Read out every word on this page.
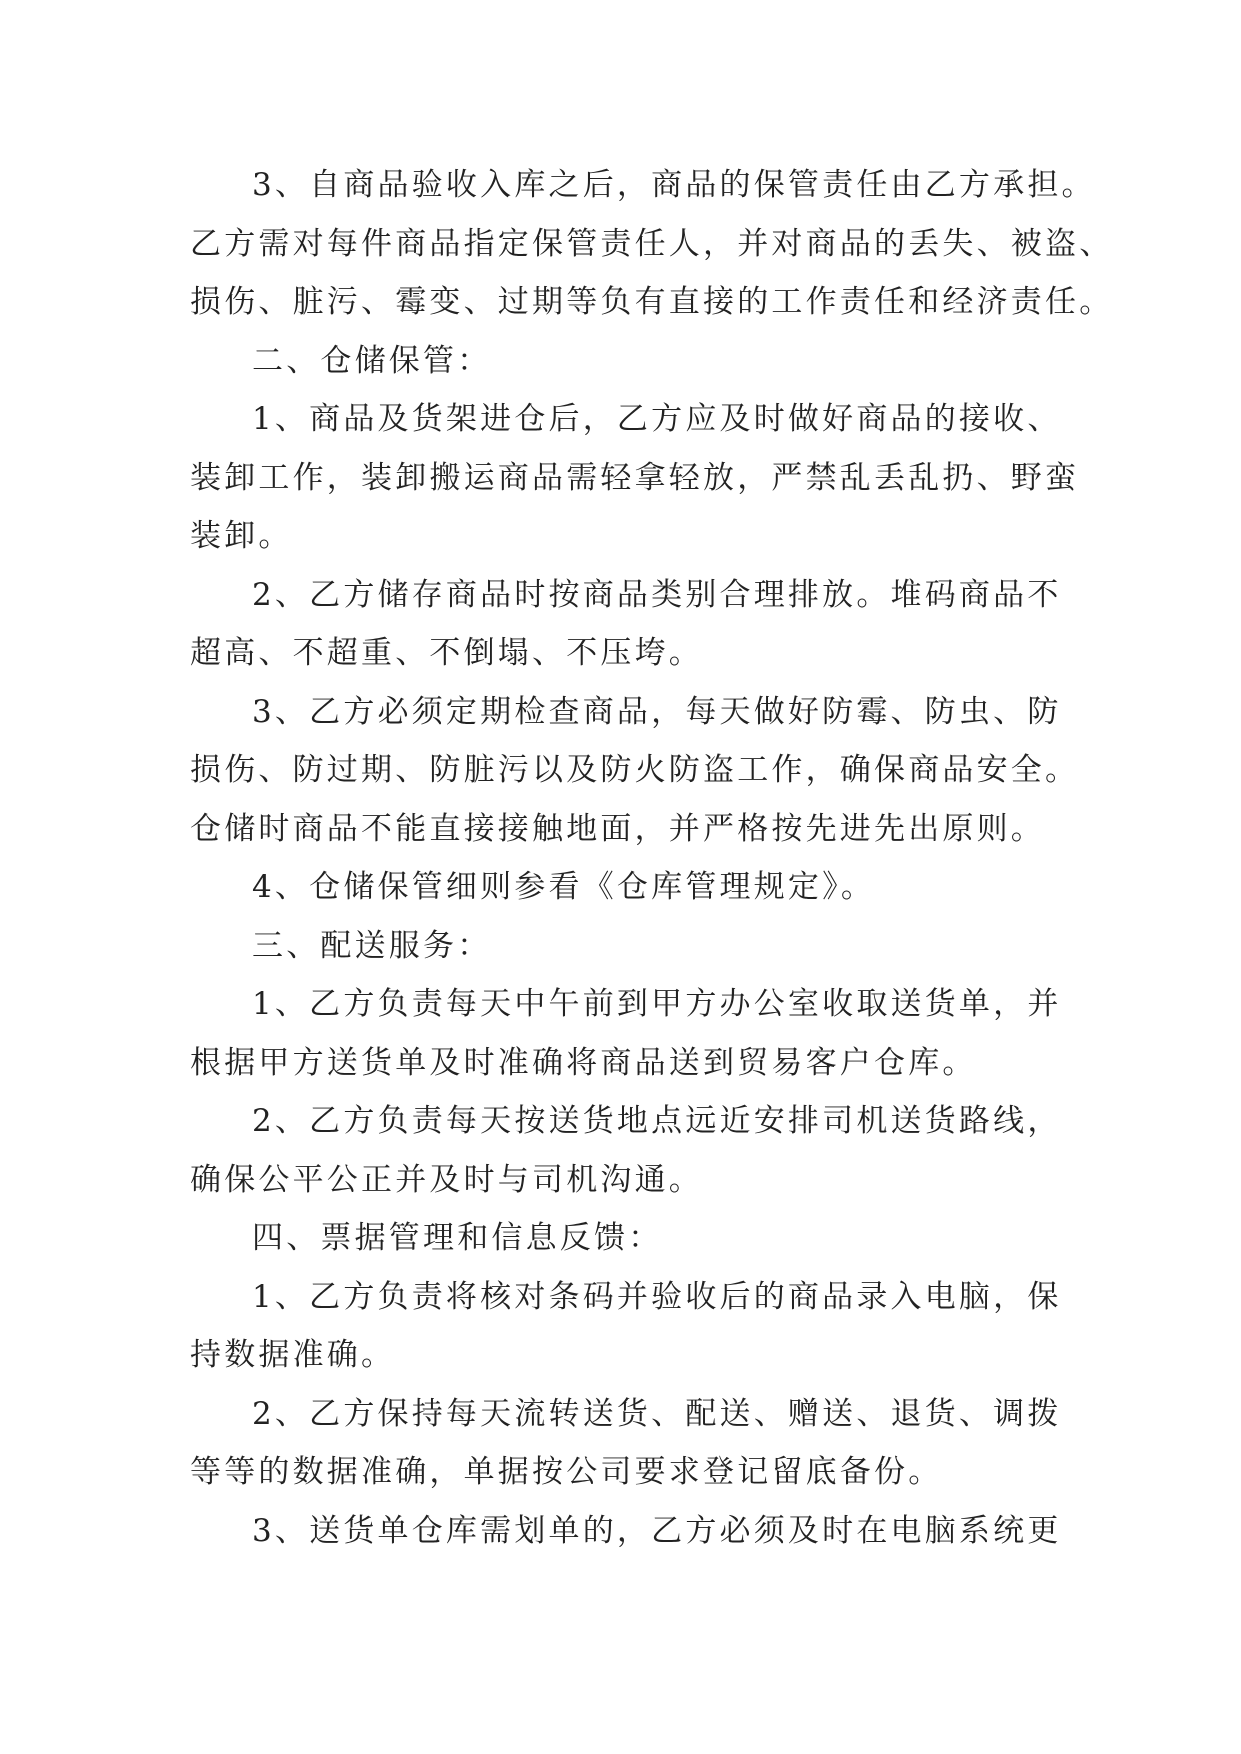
3、自商品验收入库之后，商品的保管责任由乙方承担。
乙方需对每件商品指定保管责任人，并对商品的丢失、被盗、
损伤、脏污、霉变、过期等负有直接的工作责任和经济责任。
二、仓储保管：
1、商品及货架进仓后，乙方应及时做好商品的接收、
装卸工作，装卸搬运商品需轻拿轻放，严禁乱丢乱扔、野蛮
装卸。
2、乙方储存商品时按商品类别合理排放。堆码商品不
超高、不超重、不倒塌、不压垮。
3、乙方必须定期检查商品，每天做好防霉、防虫、防
损伤、防过期、防脏污以及防火防盗工作，确保商品安全。
仓储时商品不能直接接触地面，并严格按先进先出原则。
4、仓储保管细则参看《仓库管理规定》。
三、配送服务：
1、乙方负责每天中午前到甲方办公室收取送货单，并
根据甲方送货单及时准确将商品送到贸易客户仓库。
2、乙方负责每天按送货地点远近安排司机送货路线，
确保公平公正并及时与司机沟通。
四、票据管理和信息反馈：
1、乙方负责将核对条码并验收后的商品录入电脑，保
持数据准确。
2、乙方保持每天流转送货、配送、赠送、退货、调拨
等等的数据准确，单据按公司要求登记留底备份。
3、送货单仓库需划单的，乙方必须及时在电脑系统更
